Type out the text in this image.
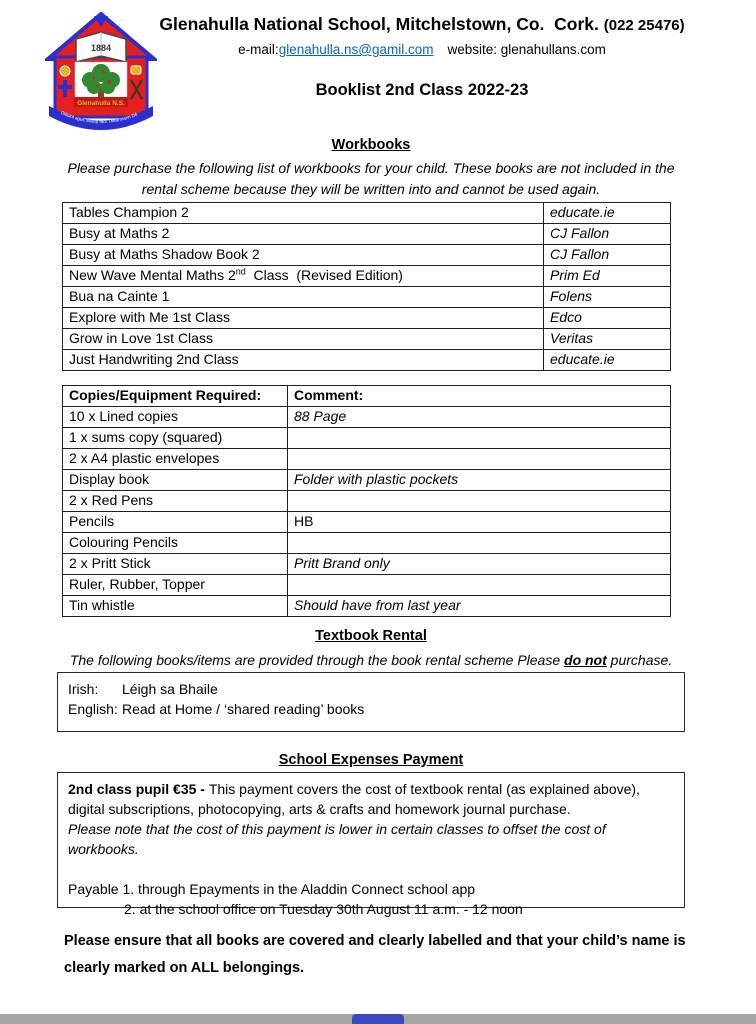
1884
Glenahulla N.S.
Oiliúint agus Scléip faoi Thearmann Dé
Glenahulla National School, Mitchelstown, Co.  Cork. (022 25476)
e-mail:glenahulla.ns@gamil.com website: glenahullans.com
Booklist 2nd Class 2022-23
Workbooks
Please purchase the following list of workbooks for your child. These books are not included in the
rental scheme because they will be written into and cannot be used again.
Tables Champion 2	educate.ie
Busy at Maths 2	CJ Fallon
Busy at Maths Shadow Book 2	CJ Fallon
New Wave Mental Maths 2nd  Class  (Revised Edition)	Prim Ed
Bua na Cainte 1	Folens
Explore with Me 1st Class	Edco
Grow in Love 1st Class	Veritas
Just Handwriting 2nd Class	educate.ie
Copies/Equipment Required:	Comment:
10 x Lined copies	88 Page
1 x sums copy (squared)	
2 x A4 plastic envelopes	
Display book	Folder with plastic pockets
2 x Red Pens	
Pencils	HB
Colouring Pencils	
2 x Pritt Stick	Pritt Brand only
Ruler, Rubber, Topper	
Tin whistle	Should have from last year
Textbook Rental
The following books/items are provided through the book rental scheme Please do not purchase.
Irish: Léigh sa Bhaile
English: Read at Home / ‘shared reading’ books
School Expenses Payment
2nd class pupil €35 - This payment covers the cost of textbook rental (as explained above),
digital subscriptions, photocopying, arts & crafts and homework journal purchase.
Please note that the cost of this payment is lower in certain classes to offset the cost of workbooks.
Payable 1. through Epayments in the Aladdin Connect school app
2. at the school office on Tuesday 30th August 11 a.m. - 12 noon
Please ensure that all books are covered and clearly labelled and that your child’s name is
clearly marked on ALL belongings.
